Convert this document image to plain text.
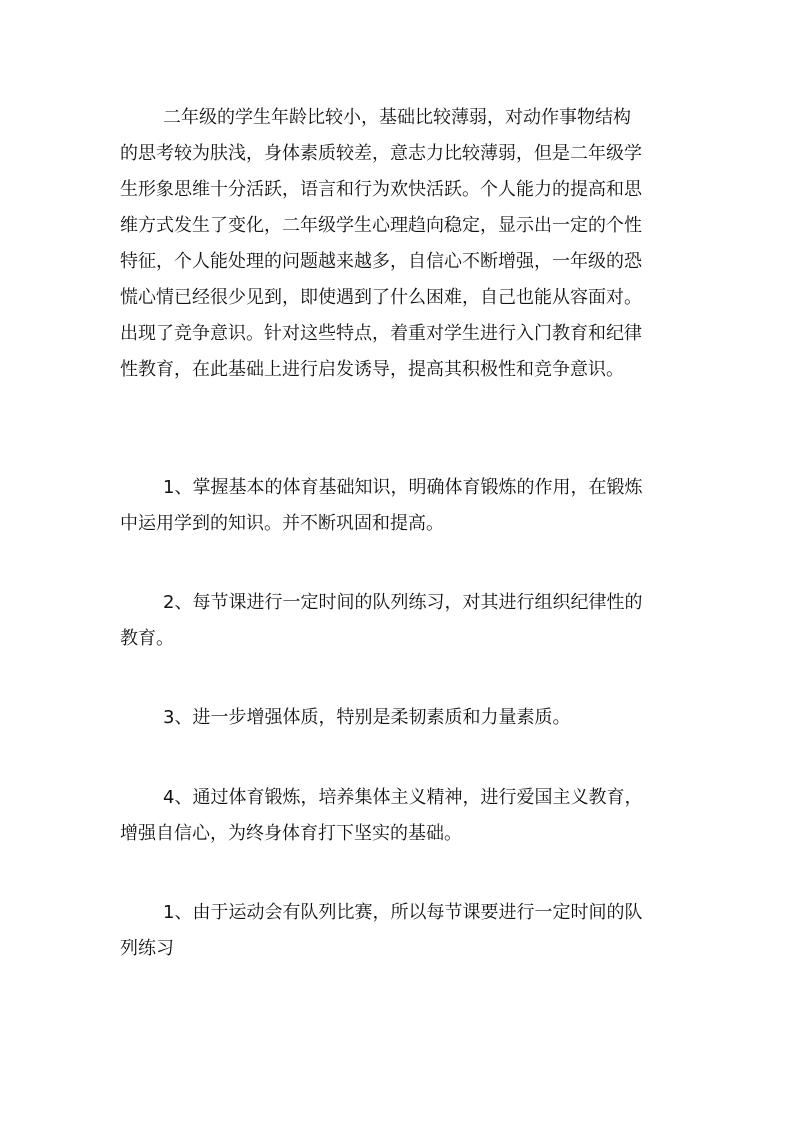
二年级的学生年龄比较小，基础比较薄弱，对动作事物结构
的思考较为肤浅，身体素质较差，意志力比较薄弱，但是二年级学
生形象思维十分活跃，语言和行为欢快活跃。个人能力的提高和思
维方式发生了变化，二年级学生心理趋向稳定，显示出一定的个性
特征，个人能处理的问题越来越多，自信心不断增强，一年级的恐
慌心情已经很少见到，即使遇到了什么困难，自己也能从容面对。
出现了竞争意识。针对这些特点，着重对学生进行入门教育和纪律
性教育，在此基础上进行启发诱导，提高其积极性和竞争意识。
1、掌握基本的体育基础知识，明确体育锻炼的作用，在锻炼
中运用学到的知识。并不断巩固和提高。
2、每节课进行一定时间的队列练习，对其进行组织纪律性的
教育。
3、进一步增强体质，特别是柔韧素质和力量素质。
4、通过体育锻炼，培养集体主义精神，进行爱国主义教育，
增强自信心，为终身体育打下坚实的基础。
1、由于运动会有队列比赛，所以每节课要进行一定时间的队
列练习
